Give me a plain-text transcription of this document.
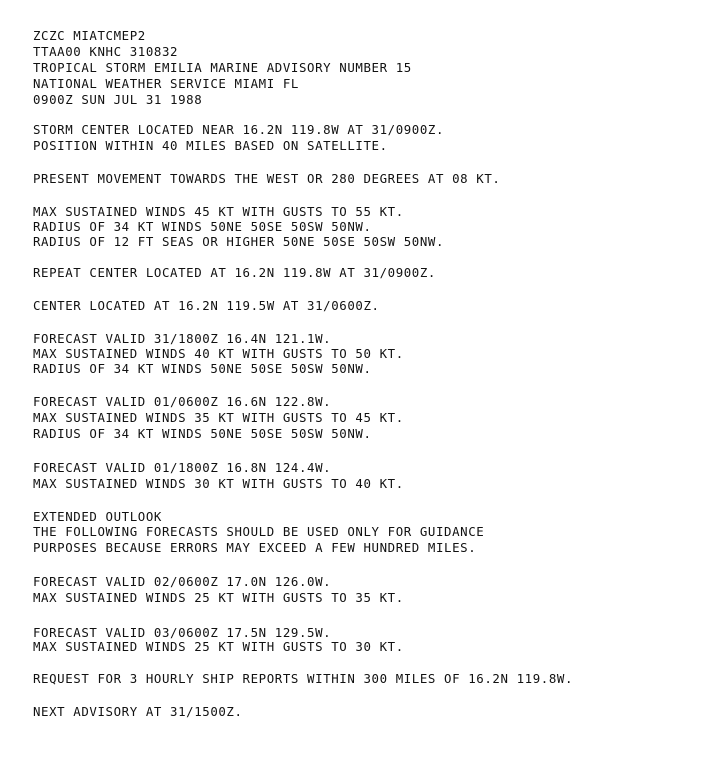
ZCZC MIATCMEP2
TTAA00 KNHC 310832
TROPICAL STORM EMILIA MARINE ADVISORY NUMBER 15
NATIONAL WEATHER SERVICE MIAMI FL
0900Z SUN JUL 31 1988
STORM CENTER LOCATED NEAR 16.2N 119.8W AT 31/0900Z.
POSITION WITHIN 40 MILES BASED ON SATELLITE.
PRESENT MOVEMENT TOWARDS THE WEST OR 280 DEGREES AT 08 KT.
MAX SUSTAINED WINDS 45 KT WITH GUSTS TO 55 KT.
RADIUS OF 34 KT WINDS 50NE 50SE 50SW 50NW.
RADIUS OF 12 FT SEAS OR HIGHER 50NE 50SE 50SW 50NW.
REPEAT CENTER LOCATED AT 16.2N 119.8W AT 31/0900Z.
CENTER LOCATED AT 16.2N 119.5W AT 31/0600Z.
FORECAST VALID 31/1800Z 16.4N 121.1W.
MAX SUSTAINED WINDS 40 KT WITH GUSTS TO 50 KT.
RADIUS OF 34 KT WINDS 50NE 50SE 50SW 50NW.
FORECAST VALID 01/0600Z 16.6N 122.8W.
MAX SUSTAINED WINDS 35 KT WITH GUSTS TO 45 KT.
RADIUS OF 34 KT WINDS 50NE 50SE 50SW 50NW.
FORECAST VALID 01/1800Z 16.8N 124.4W.
MAX SUSTAINED WINDS 30 KT WITH GUSTS TO 40 KT.
EXTENDED OUTLOOK
THE FOLLOWING FORECASTS SHOULD BE USED ONLY FOR GUIDANCE
PURPOSES BECAUSE ERRORS MAY EXCEED A FEW HUNDRED MILES.
FORECAST VALID 02/0600Z 17.0N 126.0W.
MAX SUSTAINED WINDS 25 KT WITH GUSTS TO 35 KT.
FORECAST VALID 03/0600Z 17.5N 129.5W.
MAX SUSTAINED WINDS 25 KT WITH GUSTS TO 30 KT.
REQUEST FOR 3 HOURLY SHIP REPORTS WITHIN 300 MILES OF 16.2N 119.8W.
NEXT ADVISORY AT 31/1500Z.
